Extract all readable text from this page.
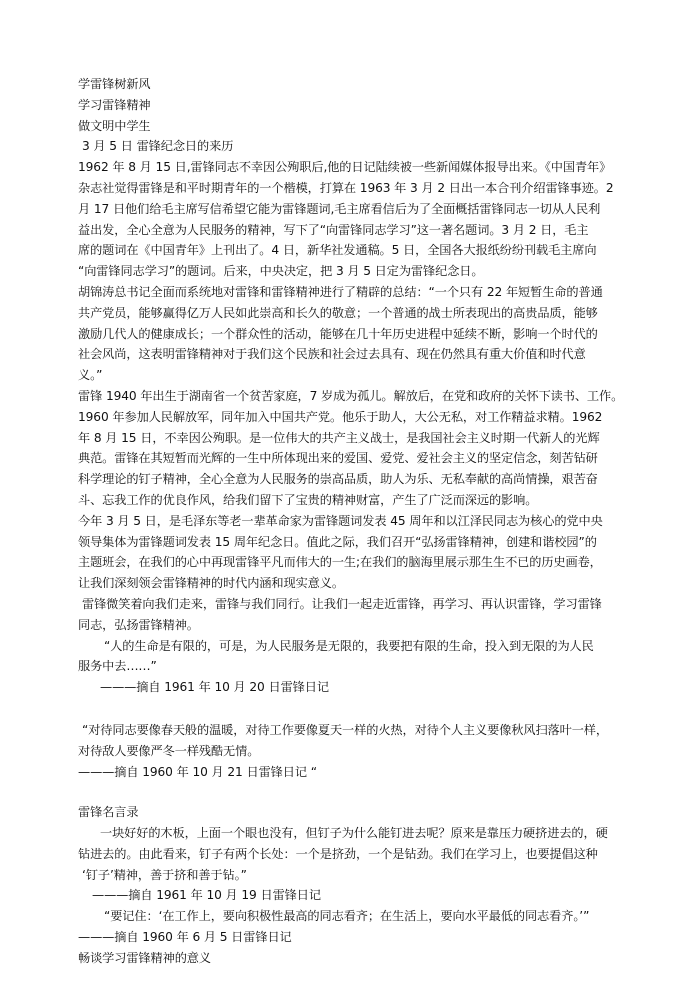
学雷锋树新风
学习雷锋精神
做文明中学生
3 月 5 日 雷锋纪念日的来历
1962 年 8 月 15 日,雷锋同志不幸因公殉职后,他的日记陆续被一些新闻媒体报导出来。《中国青年》
杂志社觉得雷锋是和平时期青年的一个楷模，打算在 1963 年 3 月 2 日出一本合刊介绍雷锋事迹。2
月 17 日他们给毛主席写信希望它能为雷锋题词,毛主席看信后为了全面概括雷锋同志一切从人民利
益出发，全心全意为人民服务的精神，写下了“向雷锋同志学习”这一著名题词。3 月 2 日，毛主
席的题词在《中国青年》上刊出了。4 日，新华社发通稿。5 日，全国各大报纸纷纷刊载毛主席向
“向雷锋同志学习”的题词。后来，中央决定，把 3 月 5 日定为雷锋纪念日。
胡锦涛总书记全面而系统地对雷锋和雷锋精神进行了精辟的总结：“一个只有 22 年短暂生命的普通
共产党员，能够赢得亿万人民如此崇高和长久的敬意；一个普通的战士所表现出的高贵品质，能够
激励几代人的健康成长；一个群众性的活动，能够在几十年历史进程中延续不断，影响一个时代的
社会风尚，这表明雷锋精神对于我们这个民族和社会过去具有、现在仍然具有重大价值和时代意
义。”
雷锋 1940 年出生于湖南省一个贫苦家庭，7 岁成为孤儿。解放后，在党和政府的关怀下读书、工作。
1960 年参加人民解放军，同年加入中国共产党。他乐于助人，大公无私，对工作精益求精。1962
年 8 月 15 日，不幸因公殉职。是一位伟大的共产主义战士，是我国社会主义时期一代新人的光辉
典范。雷锋在其短暂而光辉的一生中所体现出来的爱国、爱党、爱社会主义的坚定信念，刻苦钻研
科学理论的钉子精神，全心全意为人民服务的崇高品质，助人为乐、无私奉献的高尚情操，艰苦奋
斗、忘我工作的优良作风，给我们留下了宝贵的精神财富，产生了广泛而深远的影响。
今年 3 月 5 日，是毛泽东等老一辈革命家为雷锋题词发表 45 周年和以江泽民同志为核心的党中央
领导集体为雷锋题词发表 15 周年纪念日。值此之际，我们召开“弘扬雷锋精神，创建和谐校园”的
主题班会，在我们的心中再现雷锋平凡而伟大的一生;在我们的脑海里展示那生生不已的历史画卷，
让我们深刻领会雷锋精神的时代内涵和现实意义。
雷锋微笑着向我们走来，雷锋与我们同行。让我们一起走近雷锋，再学习、再认识雷锋，学习雷锋
同志，弘扬雷锋精神。
“人的生命是有限的，可是，为人民服务是无限的，我要把有限的生命，投入到无限的为人民
服务中去……”
———摘自 1961 年 10 月 20 日雷锋日记
“对待同志要像春天般的温暖，对待工作要像夏天一样的火热，对待个人主义要像秋风扫落叶一样，
对待敌人要像严冬一样残酷无情。
———摘自 1960 年 10 月 21 日雷锋日记 “
雷锋名言录
一块好好的木板，上面一个眼也没有，但钉子为什么能钉进去呢？原来是靠压力硬挤进去的，硬
钻进去的。由此看来，钉子有两个长处：一个是挤劲，一个是钻劲。我们在学习上，也要提倡这种
‘钉子’精神，善于挤和善于钻。”
———摘自 1961 年 10 月 19 日雷锋日记
“要记住：‘在工作上，要向积极性最高的同志看齐；在生活上，要向水平最低的同志看齐。’”
———摘自 1960 年 6 月 5 日雷锋日记
畅谈学习雷锋精神的意义
